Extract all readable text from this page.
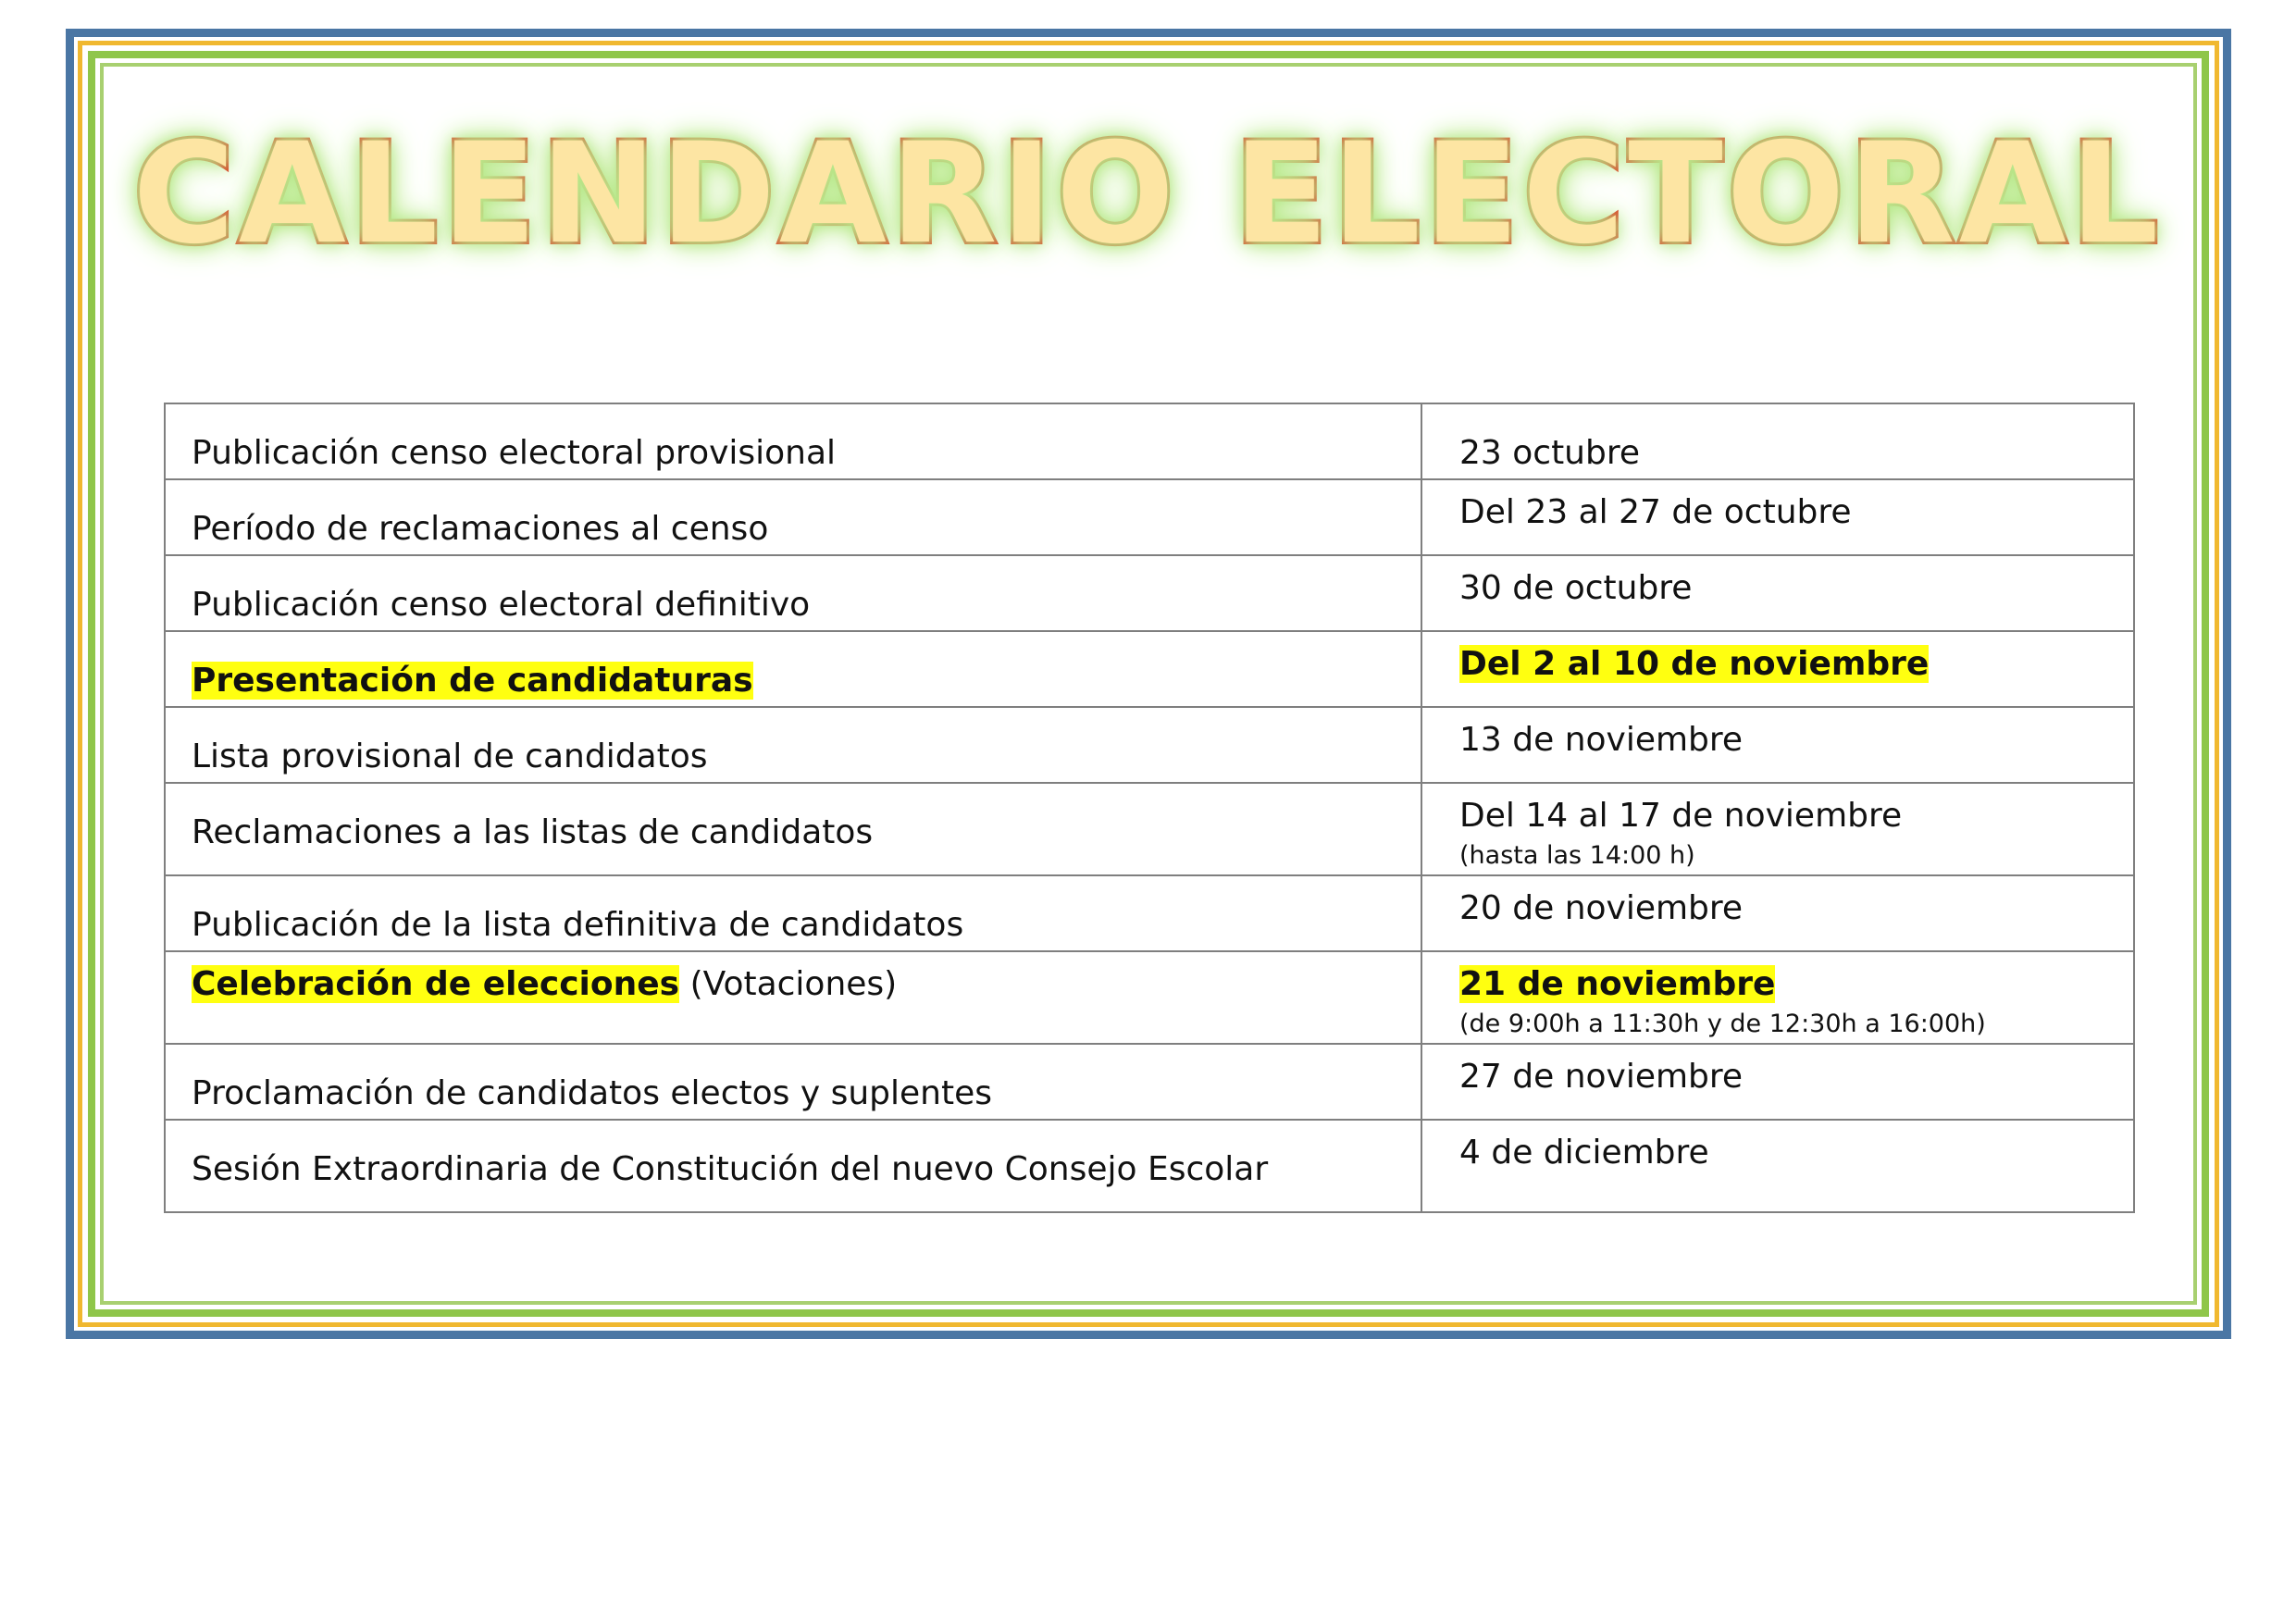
CALENDARIO ELECTORAL
Publicación censo electoral provisional	23 octubre
Período de reclamaciones al censo	Del 23 al 27 de octubre
Publicación censo electoral definitivo	30 de octubre
Presentación de candidaturas	Del 2 al 10 de noviembre
Lista provisional de candidatos	13 de noviembre
Reclamaciones a las listas de candidatos	Del 14 al 17 de noviembre
(hasta las 14:00 h)

Publicación de la lista definitiva de candidatos	20 de noviembre
Celebración de elecciones (Votaciones)	21 de noviembre
(de 9:00h a 11:30h y de 12:30h a 16:00h)

Proclamación de candidatos electos y suplentes	27 de noviembre
Sesión Extraordinaria de Constitución del nuevo Consejo Escolar	4 de diciembre
